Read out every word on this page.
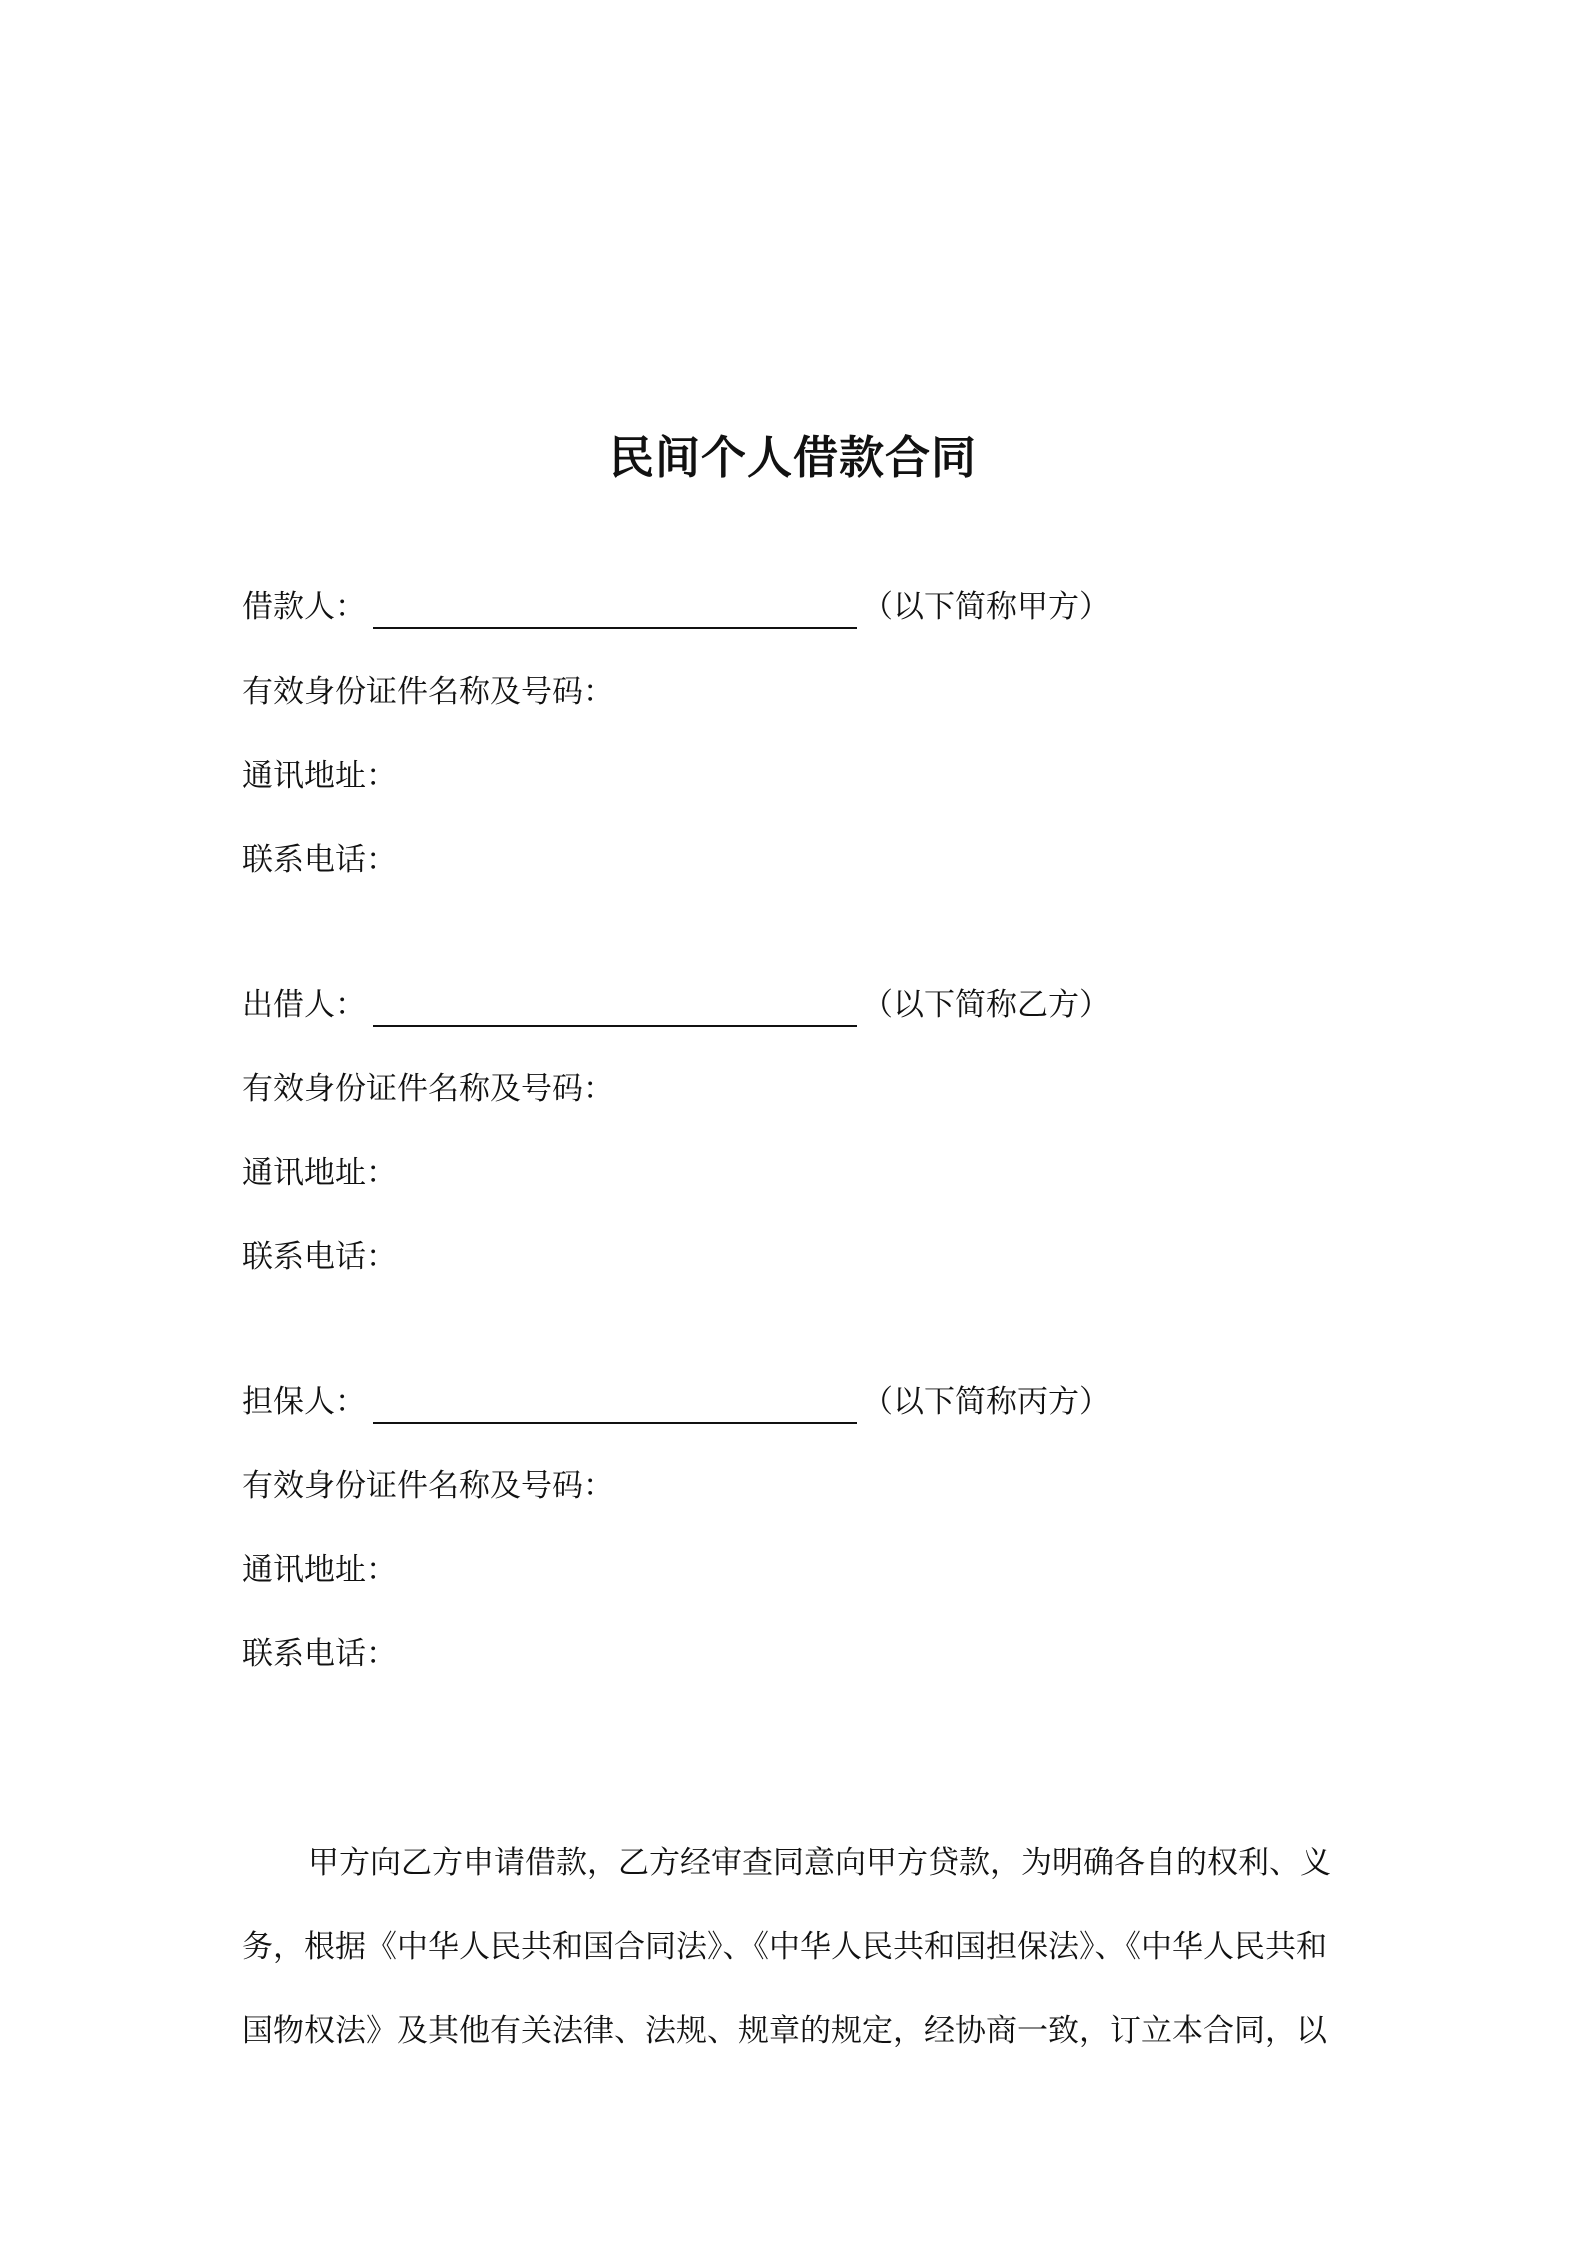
民间个人借款合同
借款人：	（以下简称甲方）
有效身份证件名称及号码：
通讯地址：
联系电话：
出借人：	（以下简称乙方）
有效身份证件名称及号码：
通讯地址：
联系电话：
担保人：	（以下简称丙方）
有效身份证件名称及号码：
通讯地址：
联系电话：
甲方向乙方申请借款，乙方经审查同意向甲方贷款，为明确各自的权利、义
务，根据《中华人民共和国合同法》、《中华人民共和国担保法》、《中华人民共和
国物权法》及其他有关法律、法规、规章的规定，经协商一致，订立本合同，以
